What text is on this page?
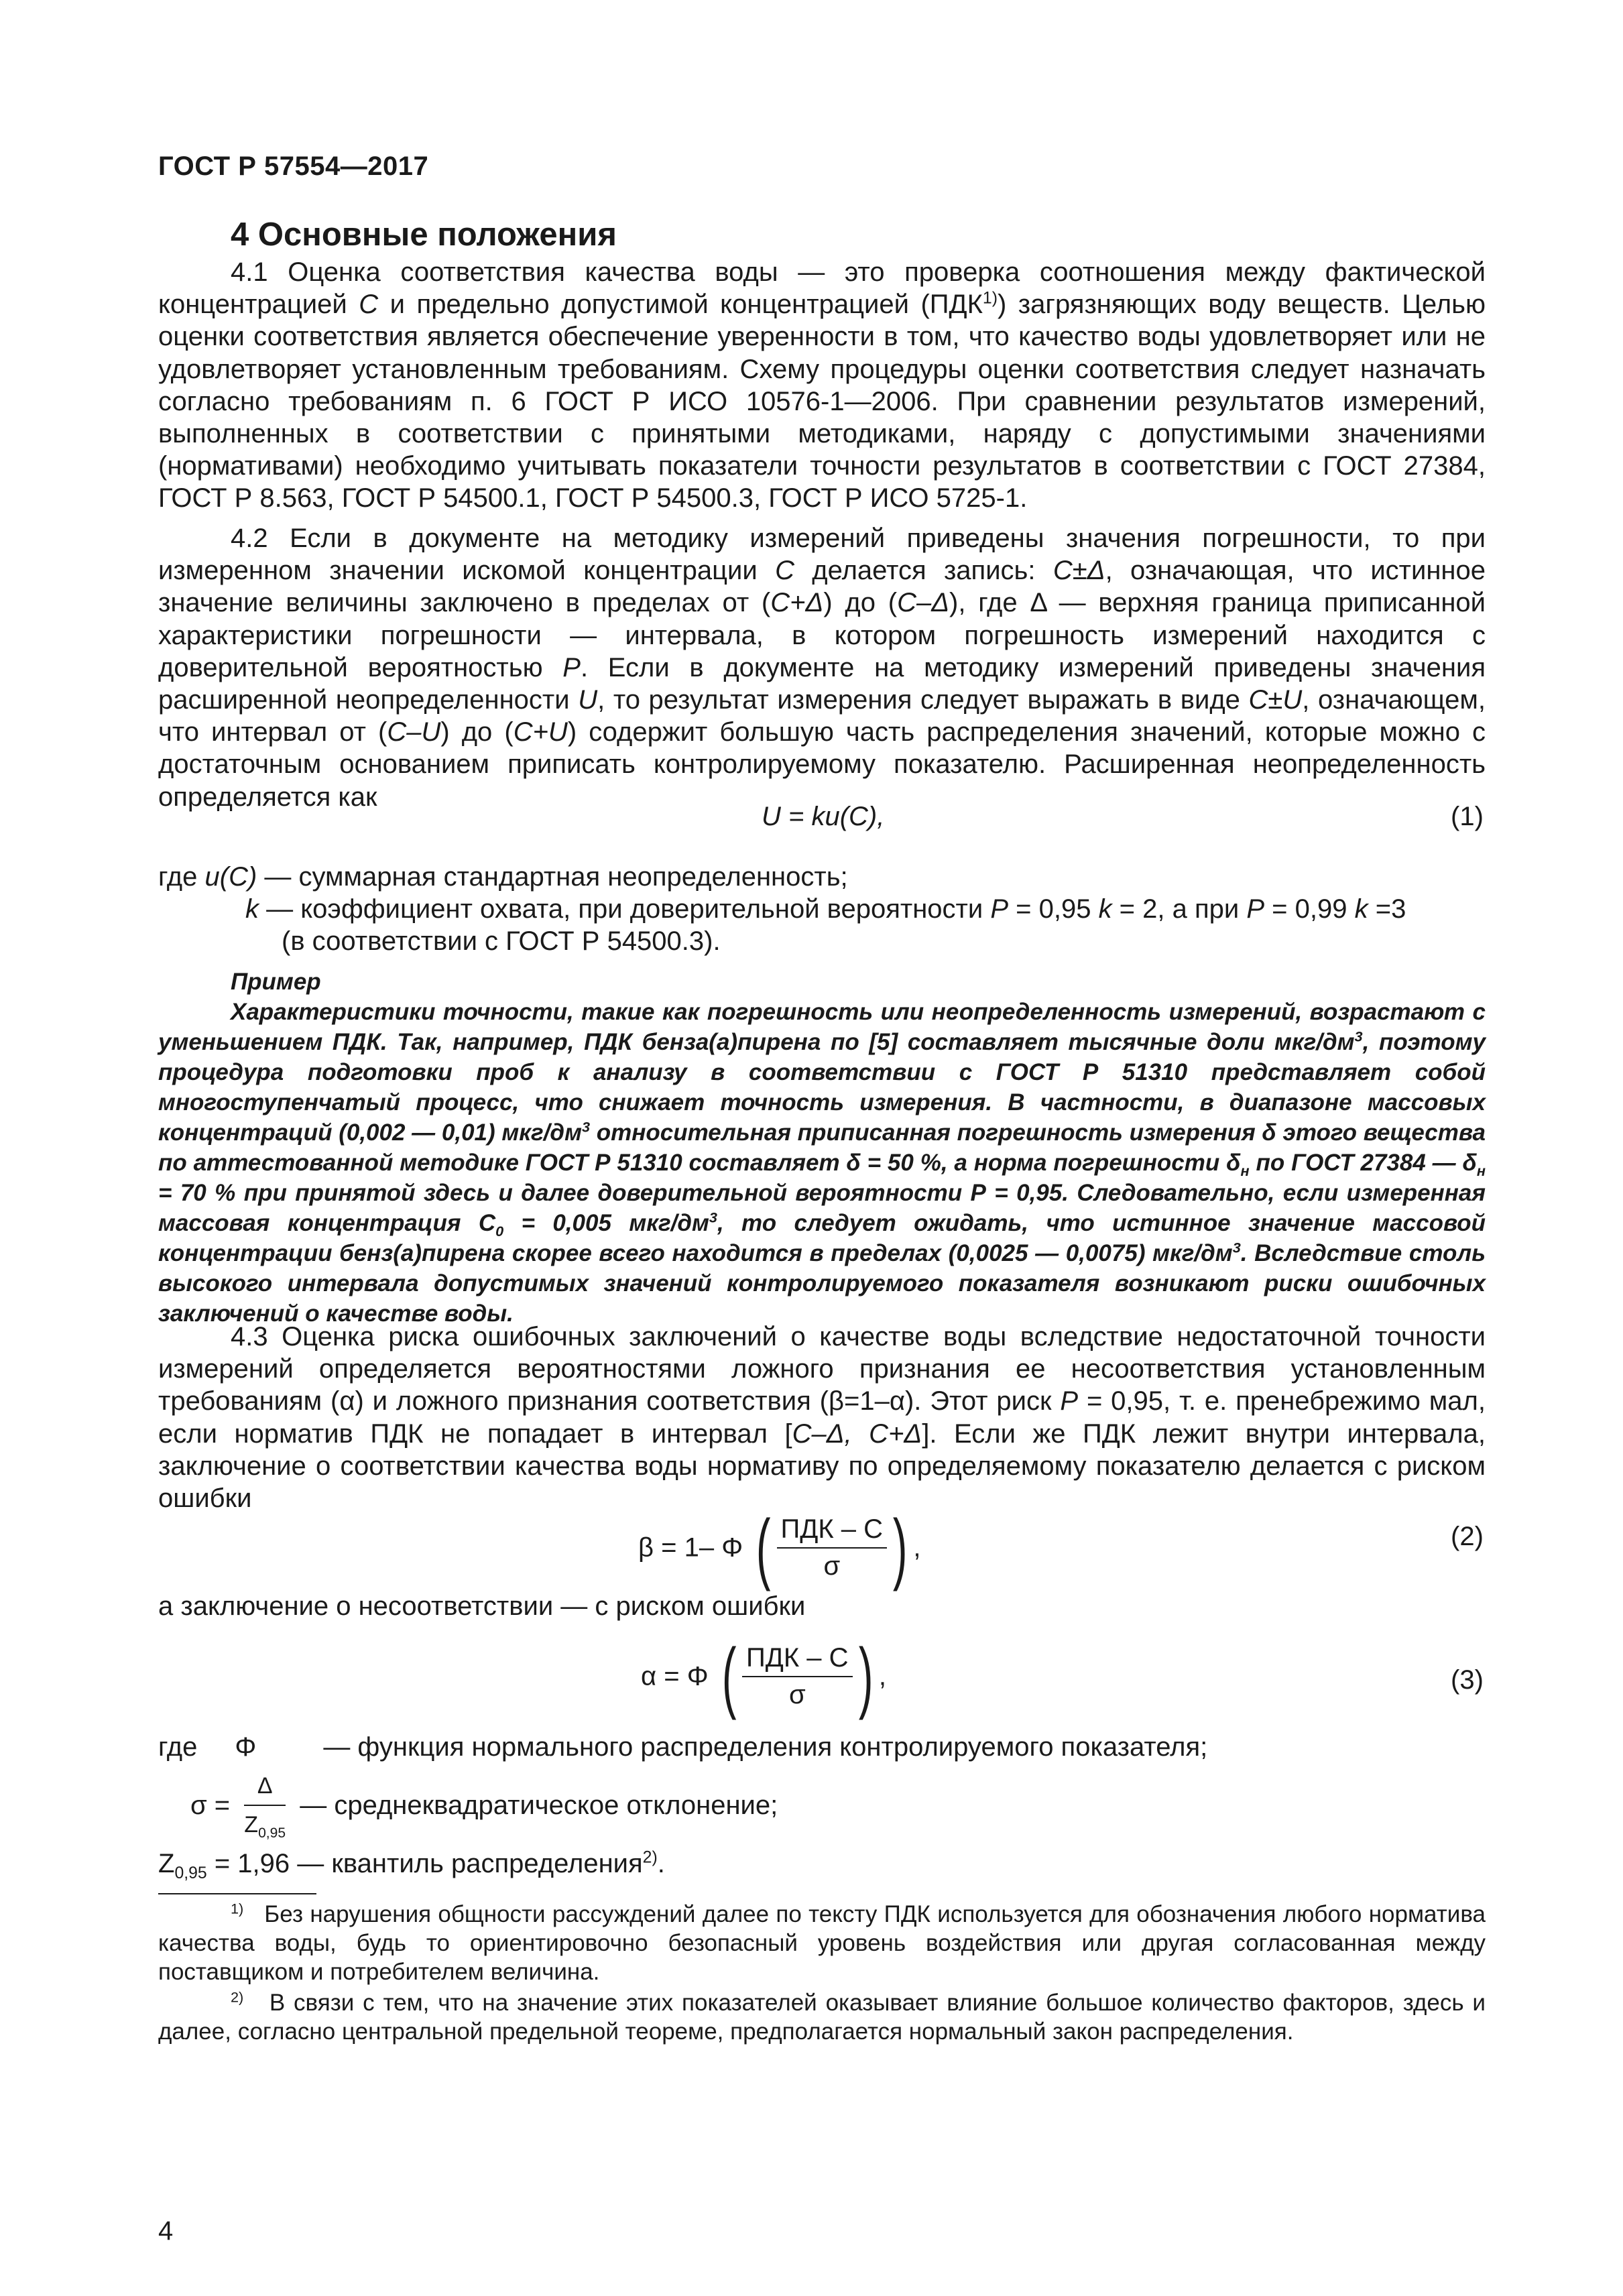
ГОСТ Р 57554—2017
4 Основные положения

4.1 Оценка соответствия качества воды — это проверка соотношения между фактической концентрацией С и предельно допустимой концентрацией (ПДК$^{1)}$) загрязняющих воду веществ. Целью оценки соответствия является обеспечение уверенности в том, что качество воды удовлетворяет или не удовлетворяет установленным требованиям. Схему процедуры оценки соответствия следует назначать согласно требованиям п. 6 ГОСТ Р ИСО 10576-1—2006. При сравнении результатов измерений, выполненных в соответствии с принятыми методиками, наряду с допустимыми значениями (нормативами) необходимо учитывать показатели точности результатов в соответствии с ГОСТ 27384, ГОСТ Р 8.563, ГОСТ Р 54500.1, ГОСТ Р 54500.3, ГОСТ Р ИСО 5725-1.

4.2 Если в документе на методику измерений приведены значения погрешности, то при измеренном значении искомой концентрации С делается запись: С±Δ, означающая, что истинное значение величины заключено в пределах от (С+Δ) до (С–Δ), где Δ — верхняя граница приписанной характеристики погрешности — интервала, в котором погрешность измерений находится с доверительной вероятностью Р. Если в документе на методику измерений приведены значения расширенной неопределенности U, то результат измерения следует выражать в виде С±U, означающем, что интервал от (С–U) до (С+U) содержит большую часть распределения значений, которые можно с достаточным основанием приписать контролируемому показателю. Расширенная неопределенность определяется как

U = ku(C),	(1)
где u(C) — суммарная стандартная неопределенность;
k — коэффициент охвата, при доверительной вероятности Р = 0,95 k = 2, а при Р = 0,99 k =3
(в соответствии с ГОСТ Р 54500.3).

Пример

Характеристики точности, такие как погрешность или неопределенность измерений, возрастают с уменьшением ПДК. Так, например, ПДК бенза(а)пирена по [5] составляет тысячные доли мкг/$дм^3$, поэтому процедура подготовки проб к анализу в соответствии с ГОСТ Р 51310 представляет собой многоступенчатый процесс, что снижает точность измерения. В частности, в диапазоне массовых концентраций (0,002 — 0,01) мкг/$дм^3$ относительная приписанная погрешность измерения δ этого вещества по аттестованной методике ГОСТ Р 51310 составляет δ = 50 %, а норма погрешности $\delta_н$ по ГОСТ 27384 — $\delta_н = 70$ % при принятой здесь и далее доверительной вероятности Р = 0,95. Следовательно, если измеренная массовая концентрация $С_0 = 0,005$ мкг/$дм^3$, то следует ожидать, что истинное значение массовой концентрации бенз(а)пирена скорее всего находится в пределах (0,0025 — 0,0075) мкг/$дм^3$. Вследствие столь высокого интервала допустимых значений контролируемого показателя возникают риски ошибочных заключений о качестве воды.

4.3 Оценка риска ошибочных заключений о качестве воды вследствие недостаточной точности измерений определяется вероятностями ложного признания ее несоответствия установленным требованиям (α) и ложного признания соответствия (β=1–α). Этот риск Р = 0,95, т. е. пренебрежимо мал, если норматив ПДК не попадает в интервал [С–Δ, С+Δ]. Если же ПДК лежит внутри интервала, заключение о соответствии качества воды нормативу по определяемому показателю делается с риском ошибки

β = 1– Φ ( $\frac{\text{ПДК – С}}{\sigma}$ ) ,	(2)
а заключение о несоответствии — с риском ошибки
α = Φ ( $\frac{\text{ПДК – С}}{\sigma}$ ) ,	(3)
где Φ	— функция нормального распределения контролируемого показателя;
$\sigma = \frac{\Delta}{Z_{0,95}}$ — среднеквадратическое отклонение;
$Z_{0,95} = 1,96$ — квантиль распределения$^{2)}$.

$^{1)}$ Без нарушения общности рассуждений далее по тексту ПДК используется для обозначения любого норматива качества воды, будь то ориентировочно безопасный уровень воздействия или другая согласованная между поставщиком и потребителем величина.

$^{2)}$ В связи с тем, что на значение этих показателей оказывает влияние большое количество факторов, здесь и далее, согласно центральной предельной теореме, предполагается нормальный закон распределения.

4
